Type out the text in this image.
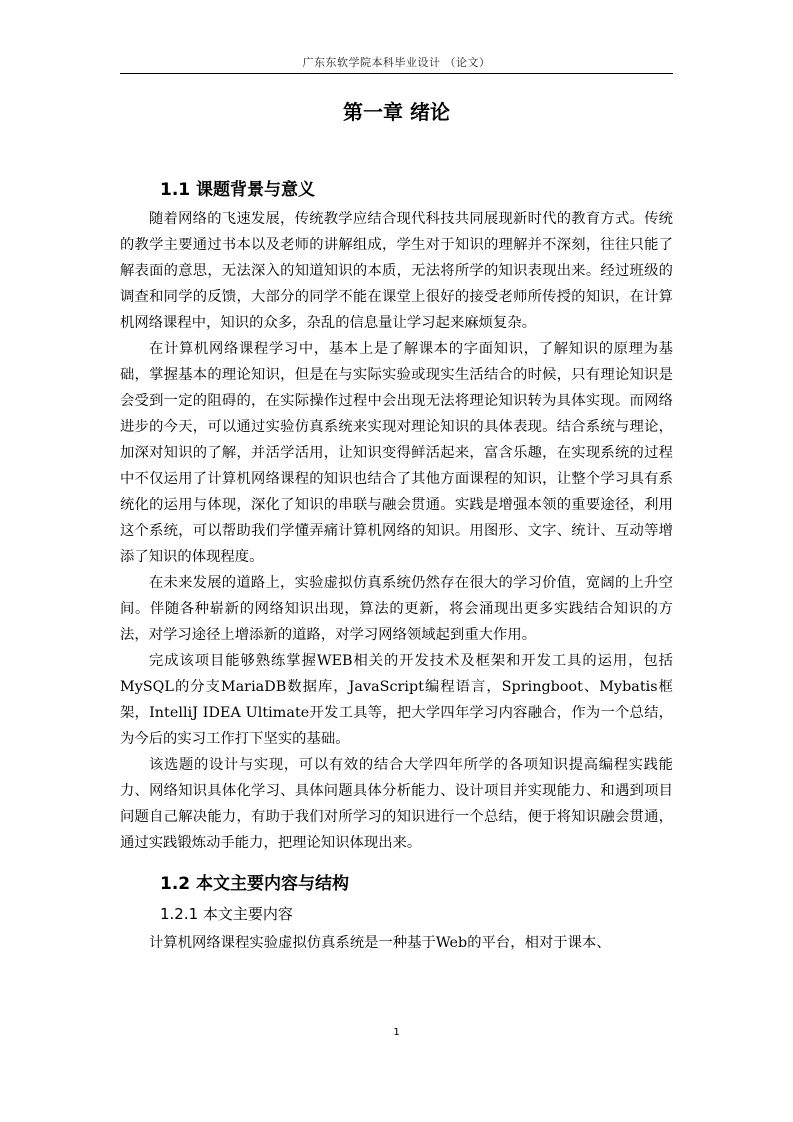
广东东软学院本科毕业设计 （论文）
第一章 绪论
1.1 课题背景与意义

随着网络的飞速发展，传统教学应结合现代科技共同展现新时代的教育方式。传统的教学主要通过书本以及老师的讲解组成，学生对于知识的理解并不深刻，往往只能了解表面的意思，无法深入的知道知识的本质，无法将所学的知识表现出来。经过班级的调查和同学的反馈，大部分的同学不能在课堂上很好的接受老师所传授的知识，在计算机网络课程中，知识的众多，杂乱的信息量让学习起来麻烦复杂。

在计算机网络课程学习中，基本上是了解课本的字面知识，了解知识的原理为基础，掌握基本的理论知识，但是在与实际实验或现实生活结合的时候，只有理论知识是会受到一定的阻碍的，在实际操作过程中会出现无法将理论知识转为具体实现。而网络进步的今天，可以通过实验仿真系统来实现对理论知识的具体表现。结合系统与理论，加深对知识的了解，并活学活用，让知识变得鲜活起来，富含乐趣，在实现系统的过程中不仅运用了计算机网络课程的知识也结合了其他方面课程的知识，让整个学习具有系统化的运用与体现，深化了知识的串联与融会贯通。实践是增强本领的重要途径，利用这个系统，可以帮助我们学懂弄痛计算机网络的知识。用图形、文字、统计、互动等增添了知识的体现程度。

在未来发展的道路上，实验虚拟仿真系统仍然存在很大的学习价值，宽阔的上升空间。伴随各种崭新的网络知识出现，算法的更新，将会涌现出更多实践结合知识的方法，对学习途径上增添新的道路，对学习网络领域起到重大作用。

完成该项目能够熟练掌握WEB相关的开发技术及框架和开发工具的运用，包括MySQL的分支MariaDB数据库，JavaScript编程语言，Springboot、Mybatis框架，IntelliJ IDEA Ultimate开发工具等，把大学四年学习内容融合，作为一个总结，为今后的实习工作打下坚实的基础。

该选题的设计与实现，可以有效的结合大学四年所学的各项知识提高编程实践能力、网络知识具体化学习、具体问题具体分析能力、设计项目并实现能力、和遇到项目问题自己解决能力，有助于我们对所学习的知识进行一个总结，便于将知识融会贯通，通过实践锻炼动手能力，把理论知识体现出来。

1.2 本文主要内容与结构
1.2.1 本文主要内容

计算机网络课程实验虚拟仿真系统是一种基于Web的平台，相对于课本、

1
